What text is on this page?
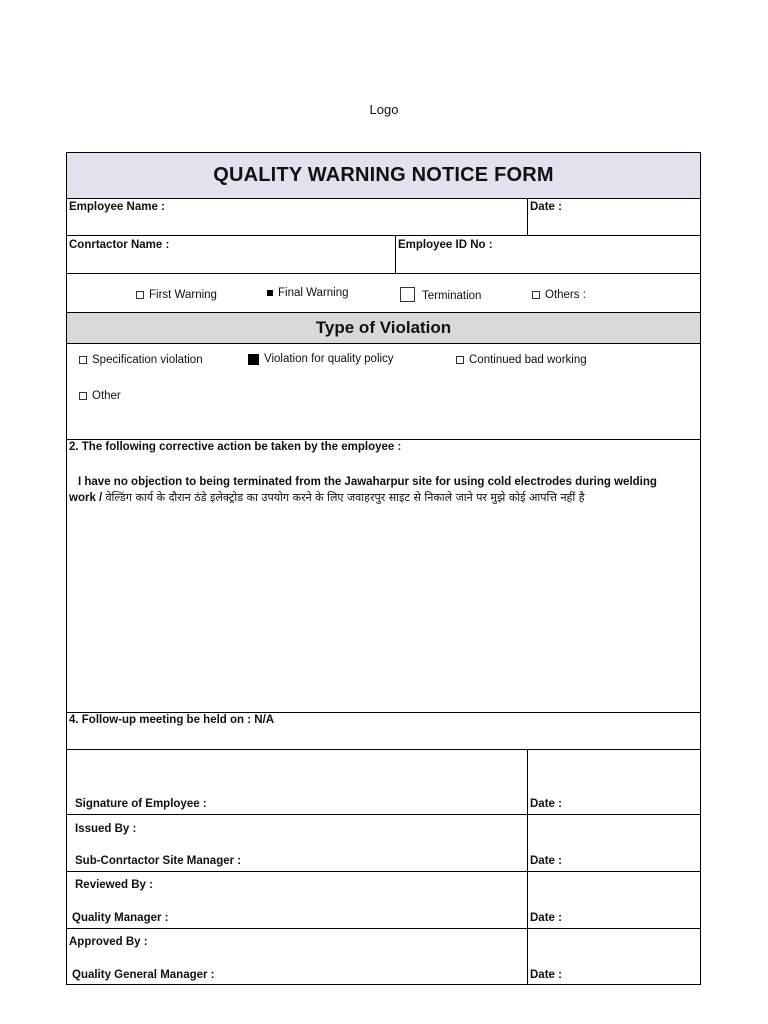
Logo
QUALITY WARNING NOTICE FORM
Employee Name :	Date :
Conrtactor Name :	Employee ID No :
First Warning	Final Warning	Termination	Others :
Type of Violation
Specification violation	Violation for quality policy	Continued bad working
Other
2. The following corrective action be taken by the employee :
I have no objection to being terminated from the Jawaharpur site for using cold electrodes during welding
work / वेल्डिंग कार्य के दौरान ठंडे इलेक्ट्रोड का उपयोग करने के लिए जवाहरपुर साइट से निकाले जाने पर मुझे कोई आपत्ति नहीं है
4. Follow-up meeting be held on : N/A
Signature of Employee :	Date :
Issued By :
Sub-Conrtactor Site Manager :	Date :
Reviewed By :
Quality Manager :	Date :
Approved By :
Quality General Manager :	Date :
